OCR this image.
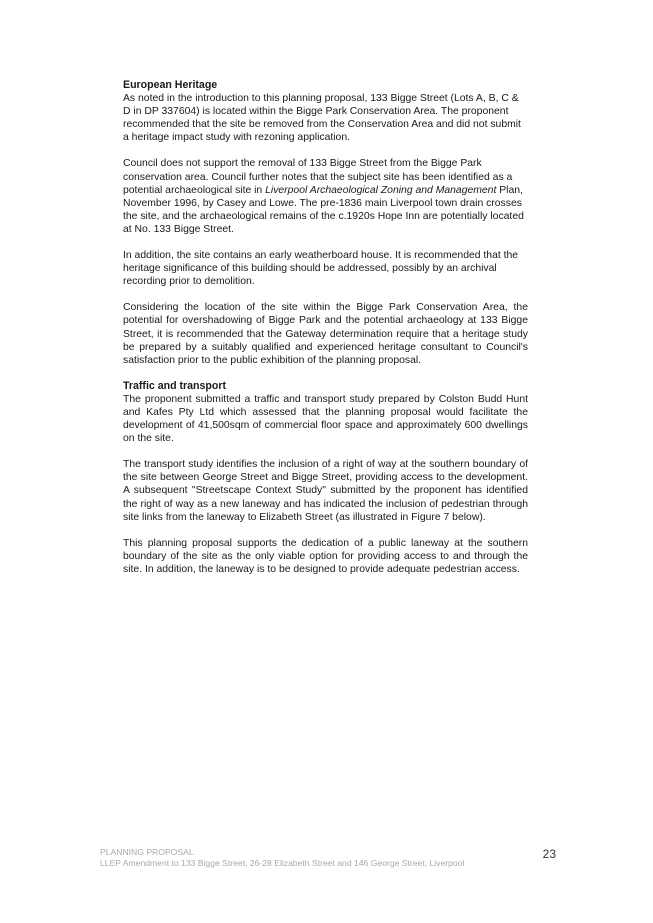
European Heritage

As noted in the introduction to this planning proposal, 133 Bigge Street (Lots A, B, C & D in DP 337604) is located within the Bigge Park Conservation Area. The proponent recommended that the site be removed from the Conservation Area and did not submit a heritage impact study with rezoning application.

Council does not support the removal of 133 Bigge Street from the Bigge Park conservation area. Council further notes that the subject site has been identified as a potential archaeological site in Liverpool Archaeological Zoning and Management Plan, November 1996, by Casey and Lowe. The pre-1836 main Liverpool town drain crosses the site, and the archaeological remains of the c.1920s Hope Inn are potentially located at No. 133 Bigge Street.

In addition, the site contains an early weatherboard house. It is recommended that the heritage significance of this building should be addressed, possibly by an archival recording prior to demolition.

Considering the location of the site within the Bigge Park Conservation Area, the potential for overshadowing of Bigge Park and the potential archaeology at 133 Bigge Street, it is recommended that the Gateway determination require that a heritage study be prepared by a suitably qualified and experienced heritage consultant to Council's satisfaction prior to the public exhibition of the planning proposal.

Traffic and transport

The proponent submitted a traffic and transport study prepared by Colston Budd Hunt and Kafes Pty Ltd which assessed that the planning proposal would facilitate the development of 41,500sqm of commercial floor space and approximately 600 dwellings on the site.

The transport study identifies the inclusion of a right of way at the southern boundary of the site between George Street and Bigge Street, providing access to the development. A subsequent "Streetscape Context Study" submitted by the proponent has identified the right of way as a new laneway and has indicated the inclusion of pedestrian through site links from the laneway to Elizabeth Street (as illustrated in Figure 7 below).

This planning proposal supports the dedication of a public laneway at the southern boundary of the site as the only viable option for providing access to and through the site. In addition, the laneway is to be designed to provide adequate pedestrian access.

PLANNING PROPOSAL
LLEP Amendment to 133 Bigge Street, 26-28 Elizabeth Street and 146 George Street, Liverpool
23
